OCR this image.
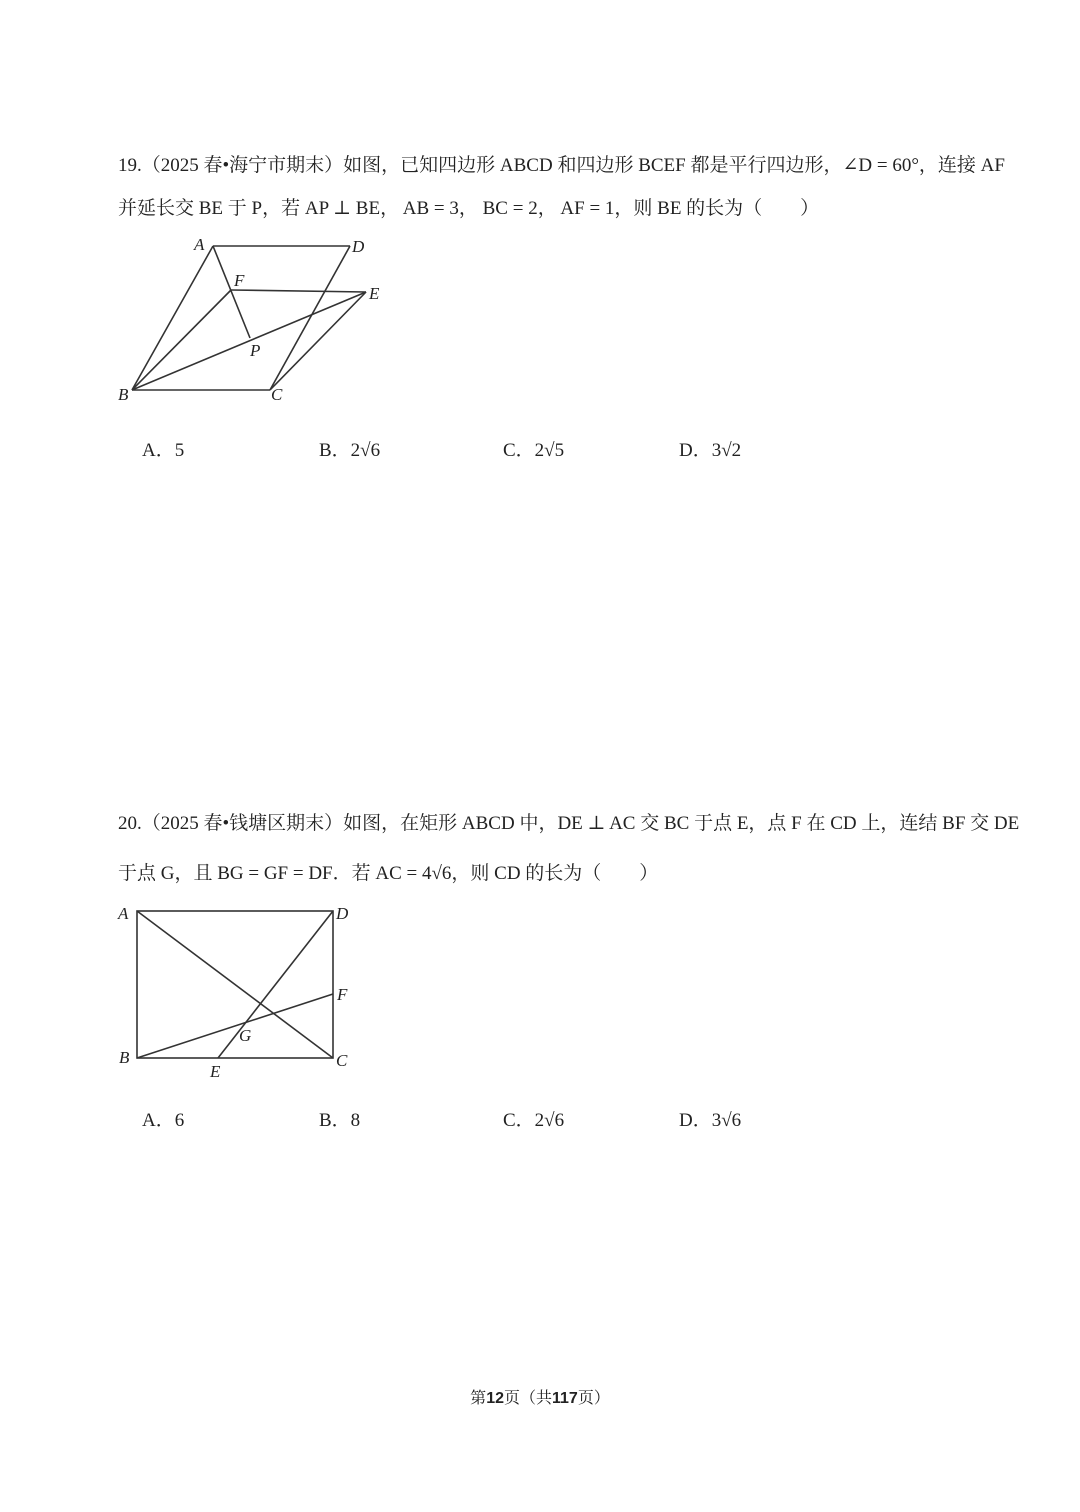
19.（2025 春•海宁市期末）如图，已知四边形 ABCD 和四边形 BCEF 都是平行四边形，∠D = 60°，连接 AF
并延长交 BE 于 P，若 AP ⊥ BE， AB = 3， BC = 2， AF = 1，则 BE 的长为（　　）
A	D
F
E
P
B	C
A．5	B．2√6	C．2√5	D．3√2
20.（2025 春•钱塘区期末）如图，在矩形 ABCD 中，DE ⊥ AC 交 BC 于点 E，点 F 在 CD 上，连结 BF 交 DE
于点 G，且 BG = GF = DF．若 AC = 4√6，则 CD 的长为（　　）
A	D
F
G
B	C
E
A．6	B．8	C．2√6	D．3√6
第12页（共117页）
